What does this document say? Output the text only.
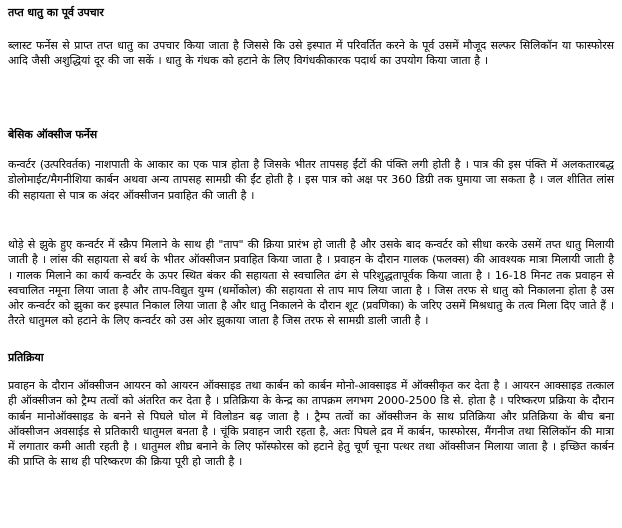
तप्त धातु का पूर्व उपचार
ब्लास्ट फर्नेस से प्राप्त तप्त धातु का उपचार किया जाता है जिससे कि उसे इस्पात में परिवर्तित करने के पूर्व उसमें मौजूद सल्फर सिलिकॉन या फास्फोरस आदि जैसी अशुद्धियां दूर की जा सकें । धातु के गंधक को हटाने के लिए विगंधकीकारक पदार्थ का उपयोग किया जाता है ।
बेसिक ऑक्सीज फर्नेस
कन्वर्टर (उत्परिवर्तक) नाशपाती के आकार का एक पात्र होता है जिसके भीतर तापसह ईंटों की पंक्ति लगी होती है । पात्र की इस पंक्ति में अलकतारबद्ध डोलोमाईट/मैगनीशिया कार्बन अथवा अन्य तापसह सामग्री की ईंट होती है । इस पात्र को अक्ष पर 360 डिग्री तक घुमाया जा सकता है । जल शीतित लांस की सहायता से पात्र क अंदर ऑक्सीजन प्रवाहित की जाती है ।
थोड़े से झुके हुए कन्वर्टर में स्क्रैप मिलाने के साथ ही "ताप" की क्रिया प्रारंभ हो जाती है और उसके बाद कन्वर्टर को सीधा करके उसमें तप्त धातु मिलायी जाती है । लांस की सहायता से बर्थ के भीतर ऑक्सीजन प्रवाहित किया जाता है । प्रवाहन के दौरान गालक (फलक्स) की आवश्यक मात्रा मिलायी जाती है । गालक मिलाने का कार्य कन्वर्टर के ऊपर स्थित बंकर की सहायता से स्वचालित ढंग से परिशुद्धतापूर्वक किया जाता है । 16-18 मिनट तक प्रवाहन से स्वचालित नमूना लिया जाता है और ताप-विद्युत युग्म (थर्मोकोल) की सहायता से ताप माप लिया जाता है । जिस तरफ से धातु को निकालना होता है उस ओर कन्वर्टर को झुका कर इस्पात निकाल लिया जाता है और धातु निकालने के दौरान शूट (प्रवणिका) के जरिए उसमें मिश्रधातु के तत्व मिला दिए जाते हैं । तैरते धातुमल को हटाने के लिए कन्वर्टर को उस ओर झुकाया जाता है जिस तरफ से सामग्री डाली जाती है ।
प्रतिक्रिया
प्रवाहन के दौरान ऑक्सीजन आयरन को आयरन ऑक्साइड तथा कार्बन को कार्बन मोनो-आक्साइड में ऑक्सीकृत कर देता है । आयरन आक्साइड तत्काल ही ऑक्सीजन को ट्रैम्प तत्वों को अंतरित कर देता है । प्रतिक्रिया के केन्द्र का तापक्रम लगभग 2000-2500 डि से. होता है । परिष्करण प्रक्रिया के दौरान कार्बन मानोऑक्साइड के बनने से पिघले घोल में विलोडन बढ़ जाता है । ट्रैम्प तत्वों का ऑक्सीजन के साथ प्रतिक्रिया और प्रतिक्रिया के बीच बना ऑक्सीजन अवसाईड से प्रतिकारी धातुमल बनता है । चूंकि प्रवाहन जारी रहता है, अतः पिघले द्रव में कार्बन, फास्फोरस, मैंगनीज तथा सिलिकॉन की मात्रा में लगातार कमी आती रहती है । धातुमल शीघ्र बनाने के लिए फॉस्फोरस को हटाने हेतु चूर्ण चूना पत्थर तथा ऑक्सीजन मिलाया जाता है । इच्छित कार्बन की प्राप्ति के साथ ही परिष्करण की क्रिया पूरी हो जाती है ।
